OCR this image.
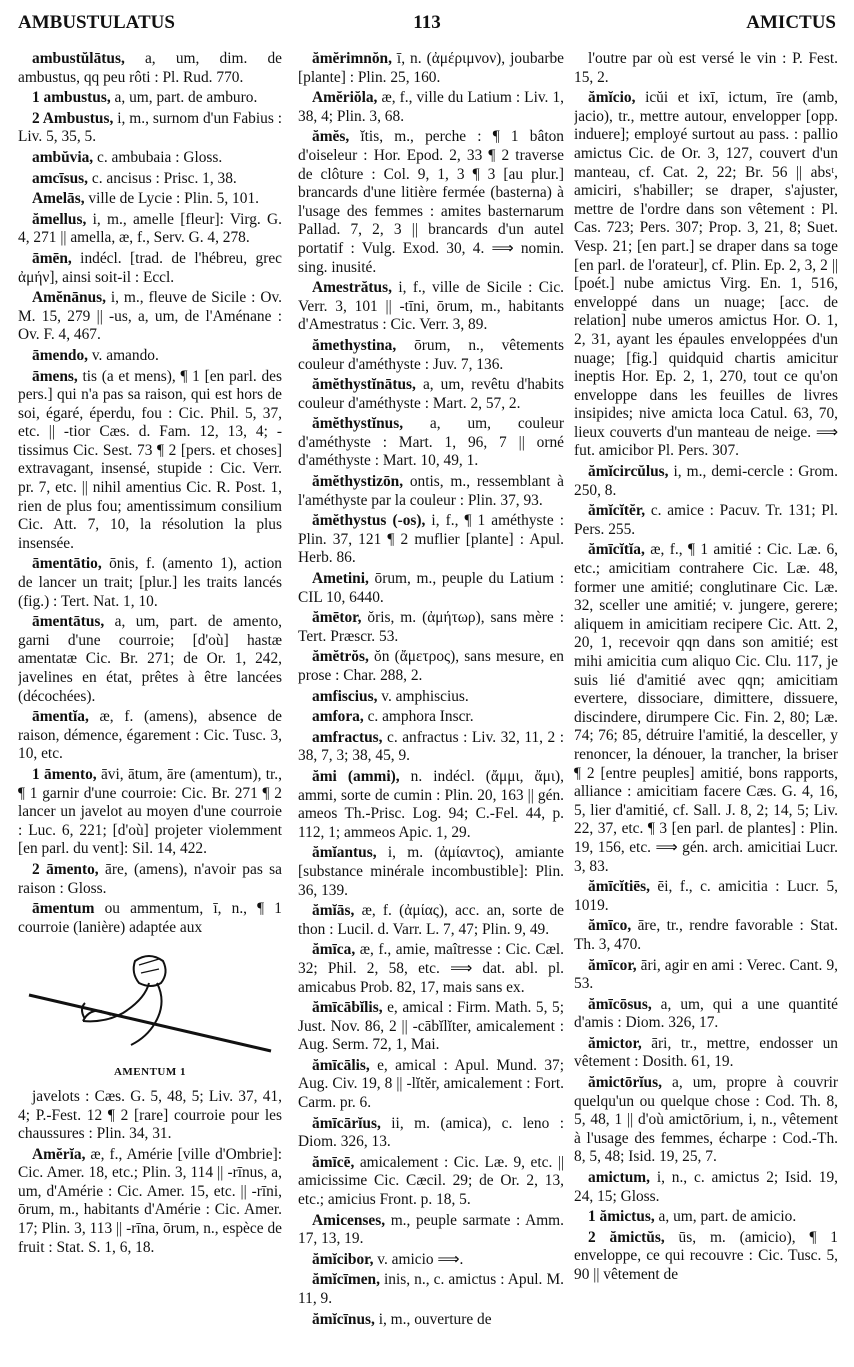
AMBUSTULATUS	113	AMICTUS

ambustŭlātus, a, um, dim. de ambustus, qq peu rôti : Pl. Rud. 770.

1 ambustus, a, um, part. de amburo.

2 Ambustus, i, m., surnom d'un Fabius : Liv. 5, 35, 5.

ambŭvia, c. ambubaia : Gloss.

amcīsus, c. ancisus : Prisc. 1, 38.

Amelās, ville de Lycie : Plin. 5, 101.

ămellus, i, m., amelle [fleur]: Virg. G. 4, 271 || amella, æ, f., Serv. G. 4, 278.

āmēn, indécl. [trad. de l'hébreu, grec ἀμήν], ainsi soit-il : Eccl.

Amĕnānus, i, m., fleuve de Sicile : Ov. M. 15, 279 || -us, a, um, de l'Aménane : Ov. F. 4, 467.

āmendo, v. amando.

āmens, tis (a et mens), ¶ 1 [en parl. des pers.] qui n'a pas sa raison, qui est hors de soi, égaré, éperdu, fou : Cic. Phil. 5, 37, etc. || -tior Cæs. d. Fam. 12, 13, 4; -tissimus Cic. Sest. 73 ¶ 2 [pers. et choses] extravagant, insensé, stupide : Cic. Verr. pr. 7, etc. || nihil amentius Cic. R. Post. 1, rien de plus fou; amentissimum consilium Cic. Att. 7, 10, la résolution la plus insensée.

āmentātio, ōnis, f. (amento 1), action de lancer un trait; [plur.] les traits lancés (fig.) : Tert. Nat. 1, 10.

āmentātus, a, um, part. de amento, garni d'une courroie; [d'où] hastæ amentatæ Cic. Br. 271; de Or. 1, 242, javelines en état, prêtes à être lancées (décochées).

āmentĭa, æ, f. (amens), absence de raison, démence, égarement : Cic. Tusc. 3, 10, etc.

1 āmento, āvi, ātum, āre (amentum), tr., ¶ 1 garnir d'une courroie: Cic. Br. 271 ¶ 2 lancer un javelot au moyen d'une courroie : Luc. 6, 221; [d'où] projeter violemment [en parl. du vent]: Sil. 14, 422.

2 āmento, āre, (amens), n'avoir pas sa raison : Gloss.

āmentum ou ammentum, ī, n., ¶ 1 courroie (lanière) adaptée aux

AMENTUM 1

javelots : Cæs. G. 5, 48, 5; Liv. 37, 41, 4; P.-Fest. 12 ¶ 2 [rare] courroie pour les chaussures : Plin. 34, 31.

Amĕrĭa, æ, f., Amérie [ville d'Ombrie]: Cic. Amer. 18, etc.; Plin. 3, 114 || -rīnus, a, um, d'Amérie : Cic. Amer. 15, etc. || -rīni, ōrum, m., habitants d'Amérie : Cic. Amer. 17; Plin. 3, 113 || -rīna, ōrum, n., espèce de fruit : Stat. S. 1, 6, 18.

ămĕrimnŏn, ī, n. (ἀμέριμνον), joubarbe [plante] : Plin. 25, 160.

Amĕriŏla, æ, f., ville du Latium : Liv. 1, 38, 4; Plin. 3, 68.

ămĕs, ĭtis, m., perche : ¶ 1 bâton d'oiseleur : Hor. Epod. 2, 33 ¶ 2 traverse de clôture : Col. 9, 1, 3 ¶ 3 [au plur.] brancards d'une litière fermée (basterna) à l'usage des femmes : amites basternarum Pallad. 7, 2, 3 || brancards d'un autel portatif : Vulg. Exod. 30, 4. ⟹ nomin. sing. inusité.

Amestrătus, i, f., ville de Sicile : Cic. Verr. 3, 101 || -tīni, ōrum, m., habitants d'Amestratus : Cic. Verr. 3, 89.

ămethystina, ōrum, n., vêtements couleur d'améthyste : Juv. 7, 136.

ămĕthystĭnātus, a, um, revêtu d'habits couleur d'améthyste : Mart. 2, 57, 2.

ămĕthystĭnus, a, um, couleur d'améthyste : Mart. 1, 96, 7 || orné d'améthyste : Mart. 10, 49, 1.

ămĕthystizōn, ontis, m., ressemblant à l'améthyste par la couleur : Plin. 37, 93.

ămĕthystus (-os), i, f., ¶ 1 améthyste : Plin. 37, 121 ¶ 2 muflier [plante] : Apul. Herb. 86.

Ametini, ōrum, m., peuple du Latium : CIL 10, 6440.

ămētor, ŏris, m. (ἀμήτωρ), sans mère : Tert. Præscr. 53.

ămĕtrŏs, ŏn (ἄμετρος), sans mesure, en prose : Char. 288, 2.

amfiscius, v. amphiscius.

amfora, c. amphora Inscr.

amfractus, c. anfractus : Liv. 32, 11, 2 : 38, 7, 3; 38, 45, 9.

ămi (ammi), n. indécl. (ἄμμι, ἄμι), ammi, sorte de cumin : Plin. 20, 163 || gén. ameos Th.-Prisc. Log. 94; C.-Fel. 44, p. 112, 1; ammeos Apic. 1, 29.

ămĭantus, i, m. (ἀμίαντος), amiante [substance minérale incombustible]: Plin. 36, 139.

ămĭās, æ, f. (ἀμίας), acc. an, sorte de thon : Lucil. d. Varr. L. 7, 47; Plin. 9, 49.

ămīca, æ, f., amie, maîtresse : Cic. Cæl. 32; Phil. 2, 58, etc. ⟹ dat. abl. pl. amicabus Prob. 82, 17, mais sans ex.

ămīcābĭlis, e, amical : Firm. Math. 5, 5; Just. Nov. 86, 2 || -cābĭlĭter, amicalement : Aug. Serm. 72, 1, Mai.

ămīcālis, e, amical : Apul. Mund. 37; Aug. Civ. 19, 8 || -lĭtĕr, amicalement : Fort. Carm. pr. 6.

ămīcārĭus, ii, m. (amica), c. leno : Diom. 326, 13.

ămīcē, amicalement : Cic. Læ. 9, etc. || amicissime Cic. Cæcil. 29; de Or. 2, 13, etc.; amicius Front. p. 18, 5.

Amicenses, m., peuple sarmate : Amm. 17, 13, 19.

ămĭcibor, v. amicio ⟹.

ămĭcīmen, inis, n., c. amictus : Apul. M. 11, 9.

ămĭcīnus, i, m., ouverture de

l'outre par où est versé le vin : P. Fest. 15, 2.

ămĭcio, icŭi et ixī, ictum, īre (amb, jacio), tr., mettre autour, envelopper [opp. induere]; employé surtout au pass. : pallio amictus Cic. de Or. 3, 127, couvert d'un manteau, cf. Cat. 2, 22; Br. 56 || absᵗ, amiciri, s'habiller; se draper, s'ajuster, mettre de l'ordre dans son vêtement : Pl. Cas. 723; Pers. 307; Prop. 3, 21, 8; Suet. Vesp. 21; [en part.] se draper dans sa toge [en parl. de l'orateur], cf. Plin. Ep. 2, 3, 2 || [poét.] nube amictus Virg. En. 1, 516, enveloppé dans un nuage; [acc. de relation] nube umeros amictus Hor. O. 1, 2, 31, ayant les épaules enveloppées d'un nuage; [fig.] quidquid chartis amicitur ineptis Hor. Ep. 2, 1, 270, tout ce qu'on enveloppe dans les feuilles de livres insipides; nive amicta loca Catul. 63, 70, lieux couverts d'un manteau de neige. ⟹ fut. amicibor Pl. Pers. 307.

ămĭcircŭlus, i, m., demi-cercle : Grom. 250, 8.

ămĭcĭtĕr, c. amice : Pacuv. Tr. 131; Pl. Pers. 255.

ămīcĭtĭa, æ, f., ¶ 1 amitié : Cic. Læ. 6, etc.; amicitiam contrahere Cic. Læ. 48, former une amitié; conglutinare Cic. Læ. 32, sceller une amitié; v. jungere, gerere; aliquem in amicitiam recipere Cic. Att. 2, 20, 1, recevoir qqn dans son amitié; est mihi amicitia cum aliquo Cic. Clu. 117, je suis lié d'amitié avec qqn; amicitiam evertere, dissociare, dimittere, dissuere, discindere, dirumpere Cic. Fin. 2, 80; Læ. 74; 76; 85, détruire l'amitié, la desceller, y renoncer, la dénouer, la trancher, la briser ¶ 2 [entre peuples] amitié, bons rapports, alliance : amicitiam facere Cæs. G. 4, 16, 5, lier d'amitié, cf. Sall. J. 8, 2; 14, 5; Liv. 22, 37, etc. ¶ 3 [en parl. de plantes] : Plin. 19, 156, etc. ⟹ gén. arch. amicitiai Lucr. 3, 83.

ămīcĭtiēs, ēi, f., c. amicitia : Lucr. 5, 1019.

ămīco, āre, tr., rendre favorable : Stat. Th. 3, 470.

ămīcor, āri, agir en ami : Verec. Cant. 9, 53.

ămīcōsus, a, um, qui a une quantité d'amis : Diom. 326, 17.

ămictor, āri, tr., mettre, endosser un vêtement : Dosith. 61, 19.

ămictōrĭus, a, um, propre à couvrir quelqu'un ou quelque chose : Cod. Th. 8, 5, 48, 1 || d'où amictōrium, i, n., vêtement à l'usage des femmes, écharpe : Cod.-Th. 8, 5, 48; Isid. 19, 25, 7.

amictum, i, n., c. amictus 2; Isid. 19, 24, 15; Gloss.

1 ămictus, a, um, part. de amicio.

2 ămictŭs, ūs, m. (amicio), ¶ 1 enveloppe, ce qui recouvre : Cic. Tusc. 5, 90 || vêtement de
